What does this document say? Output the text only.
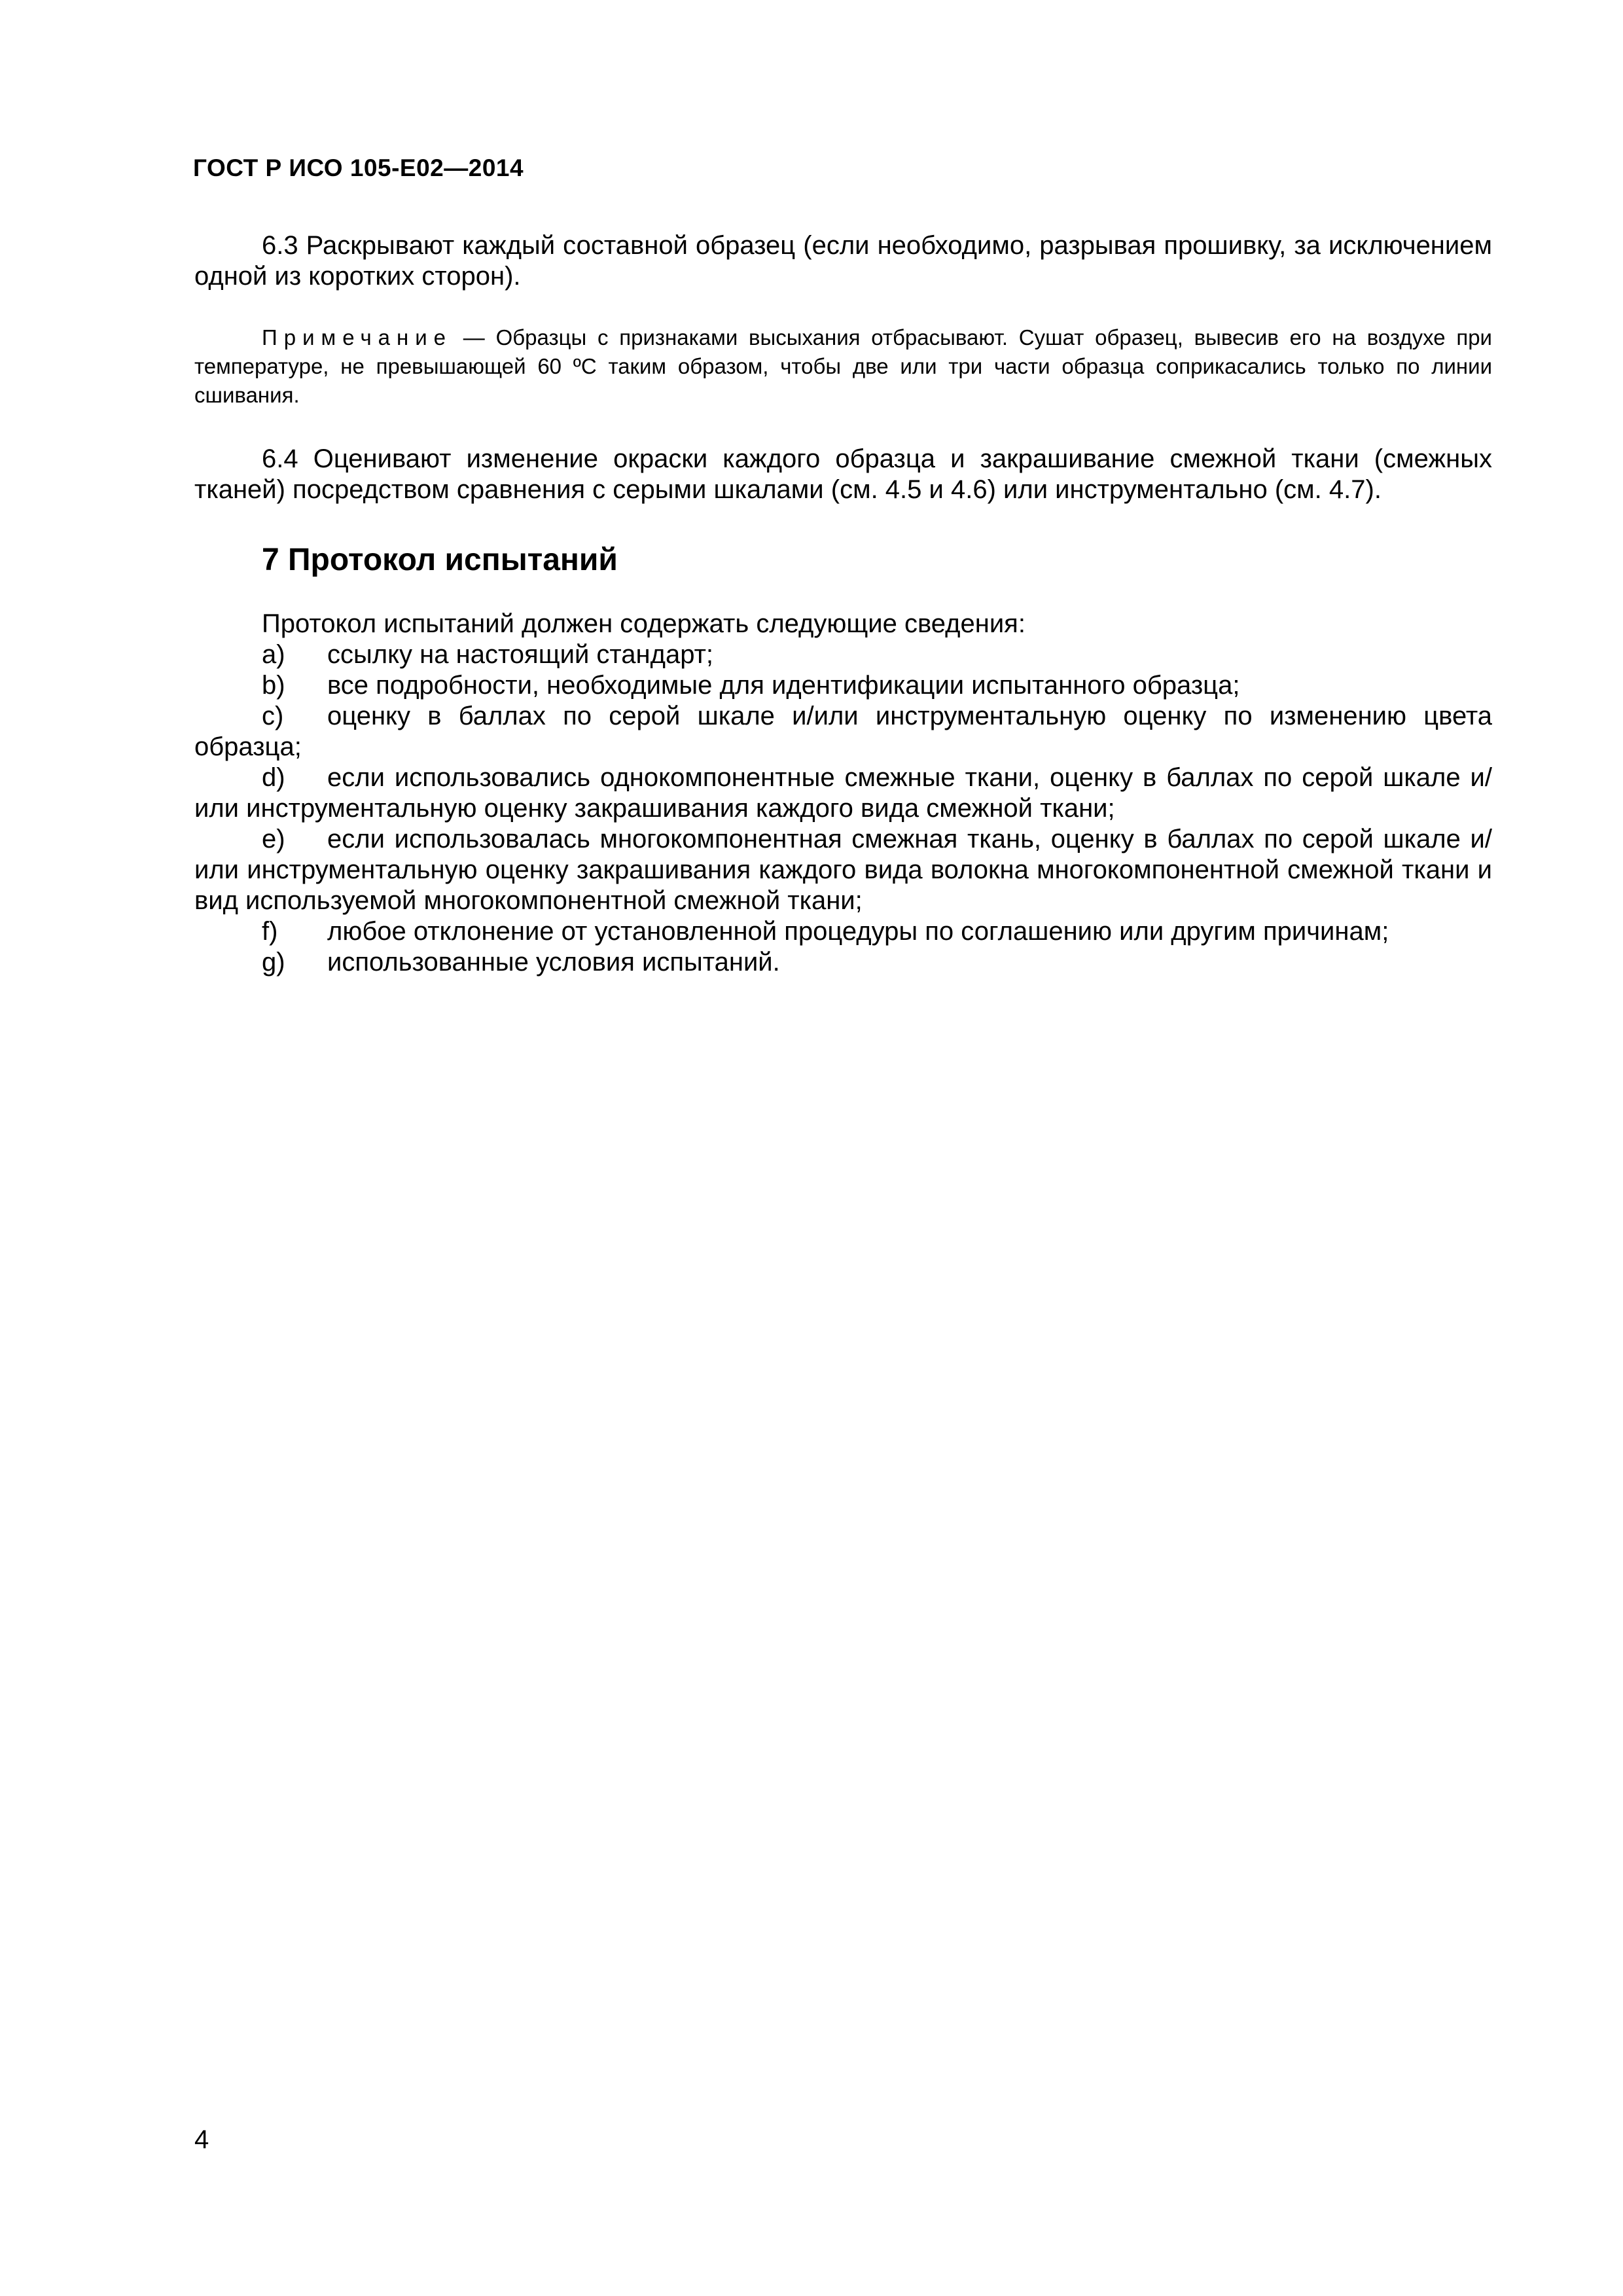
ГОСТ Р ИСО 105-E02—2014

6.3 Раскрывают каждый составной образец (если необходимо, разрывая прошивку, за исключением одной из коротких сторон).

Примечание — Образцы с признаками высыхания отбрасывают. Сушат образец, вывесив его на воздухе при температуре, не превышающей 60 ºС таким образом, чтобы две или три части образца соприкасались только по линии сшивания.

6.4 Оценивают изменение окраски каждого образца и закрашивание смежной ткани (смежных тканей) посредством сравнения с серыми шкалами (см. 4.5 и 4.6) или инструментально (см. 4.7).

7 Протокол испытаний

Протокол испытаний должен содержать следующие сведения:

a) ссылку на настоящий стандарт;
b) все подробности, необходимые для идентификации испытанного образца;
c) оценку в баллах по серой шкале и/или инструментальную оценку по изменению цвета образца;
d) если использовались однокомпонентные смежные ткани, оценку в баллах по серой шкале и/или инструментальную оценку закрашивания каждого вида смежной ткани;
e) если использовалась многокомпонентная смежная ткань, оценку в баллах по серой шкале и/или инструментальную оценку закрашивания каждого вида волокна многокомпонентной смежной ткани и вид используемой многокомпонентной смежной ткани;
f) любое отклонение от установленной процедуры по соглашению или другим причинам;
g) использованные условия испытаний.
4
